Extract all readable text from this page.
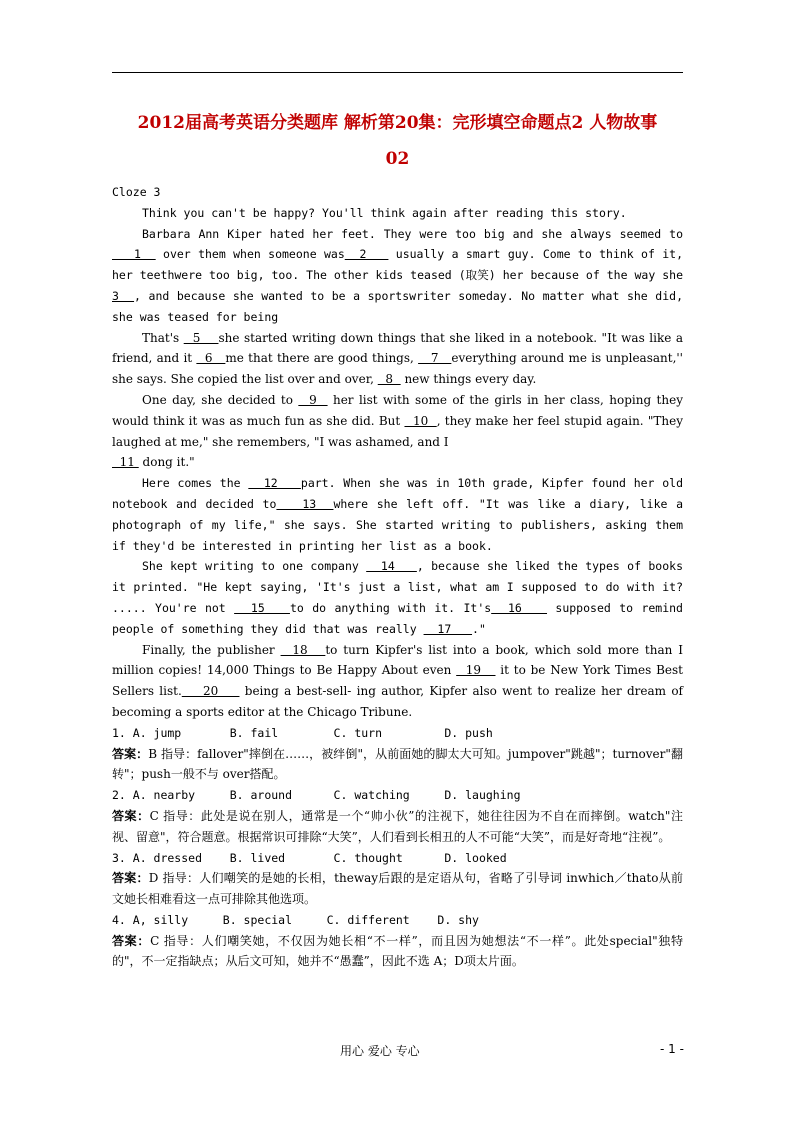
2012届高考英语分类题库 解析第20集：完形填空命题点2 人物故事
02

Cloze 3

Think you can't be happy? You'll think again after reading this story.

Barbara Ann Kiper hated her feet. They were too big and she always seemed to   1   over them when someone was  2    usually a smart guy. Come to think of it, her teethwere too big, too. The other kids teased (取笑) her because of the way she 3  , and because she wanted to be a sportswriter someday. No matter what she did, she was teased for being

That's   5    she started writing down things that she liked in a notebook. "It was like a friend, and it   6   me that there are good things,    7   everything around me is unpleasant,'' she says. She copied the list over and over,   8   new things every day.

One day, she decided to   9   her list with some of the girls in her class, hoping they would think it was as much fun as she did. But   10  , they make her feel stupid again. "They laughed at me," she remembers, "I was ashamed, and I
11  dong it."

Here comes the   12   part. When she was in 10th grade, Kipfer found her old notebook and decided to   13  where she left off. "It was like a diary, like a photograph of my life," she says. She started writing to publishers, asking them if they'd be interested in printing her list as a book.

She kept writing to one company   14   , because she liked the types of books it printed. "He kept saying, 'It's just a list, what am I supposed to do with it? ..... You're not   15   to do anything with it. It's  16    supposed to remind people of something they did that was really   17   ."

Finally, the publisher   18   to turn Kipfer's list into a book, which sold more than I million copies! 14,000 Things to Be Happy About even   19    it to be New York Times Best Sellers list.    20     being a best-sell- ing author, Kipfer also went to realize her dream of becoming a sports editor at the Chicago Tribune.

1. A. jump       B. fail        C. turn         D. push

答案：B 指导：fallover"摔倒在……，被绊倒"，从前面她的脚太大可知。jumpover"跳越"；turnover"翻转"；push一般不与 over搭配。

2. A. nearby     B. around      C. watching     D. laughing

答案：C 指导：此处是说在别人，通常是一个“帅小伙”的注视下，她往往因为不自在而摔倒。watch"注视、留意"，符合题意。根据常识可排除“大笑”，人们看到长相丑的人不可能“大笑”，而是好奇地“注视”。

3. A. dressed    B. lived       C. thought      D. looked

答案：D 指导：人们嘲笑的是她的长相，theway后跟的是定语从句，省略了引导词 inwhich／thato从前文她长相难看这一点可排除其他选项。

4. A, silly     B. special     C. different    D. shy

答案：C 指导：人们嘲笑她，不仅因为她长相“不一样”，而且因为她想法“不一样”。此处special"独特的"，不一定指缺点；从后文可知，她并不“愚蠢”，因此不选 A；D项太片面。

用心 爱心 专心	- 1 -
